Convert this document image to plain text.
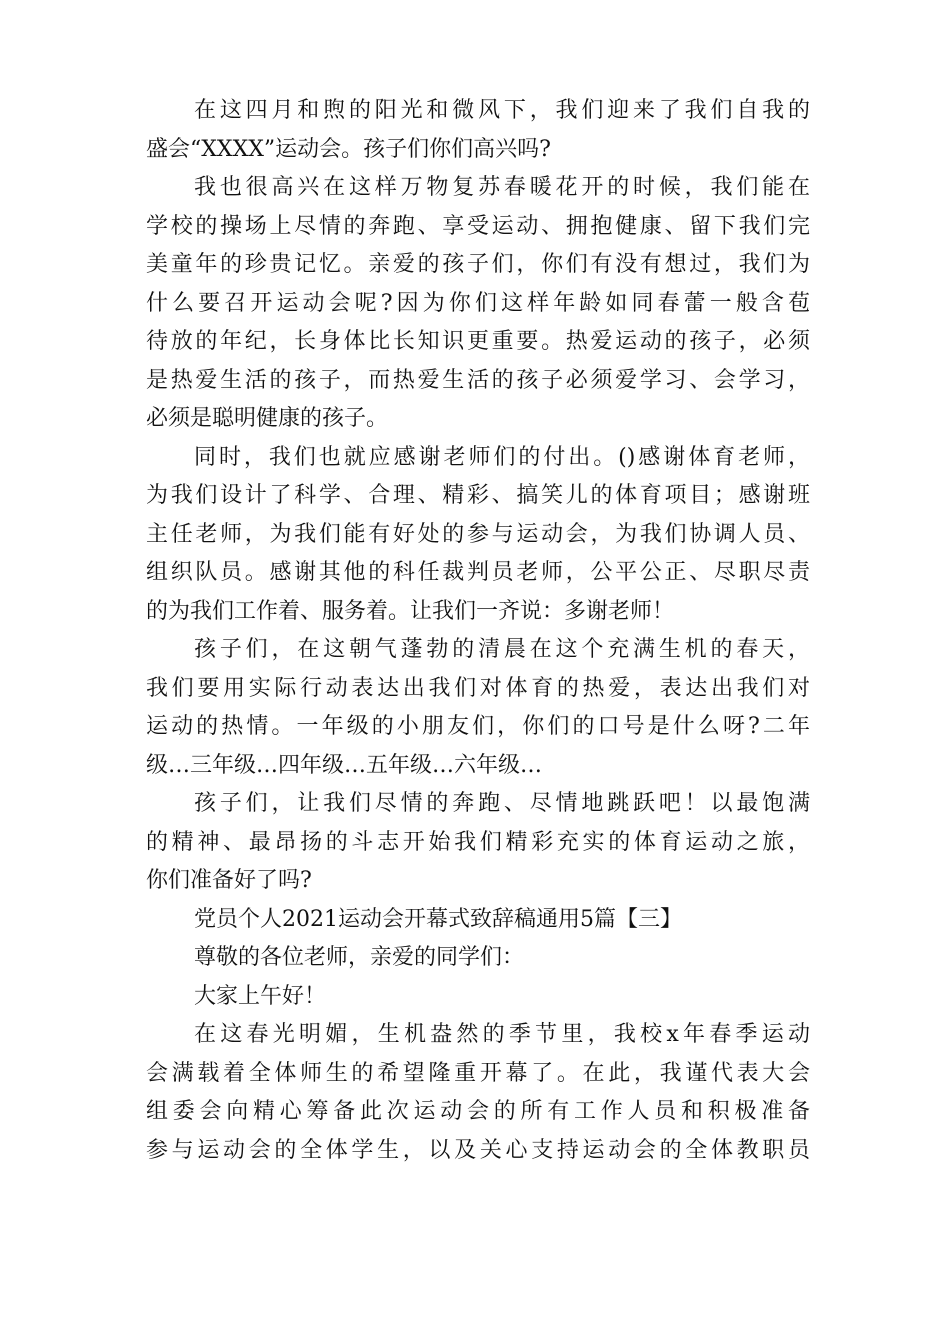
在这四月和煦的阳光和微风下，我们迎来了我们自我的
盛会“XXXX”运动会。孩子们你们高兴吗?
我也很高兴在这样万物复苏春暖花开的时候，我们能在
学校的操场上尽情的奔跑、享受运动、拥抱健康、留下我们完
美童年的珍贵记忆。亲爱的孩子们，你们有没有想过，我们为
什么要召开运动会呢?因为你们这样年龄如同春蕾一般含苞
待放的年纪，长身体比长知识更重要。热爱运动的孩子，必须
是热爱生活的孩子，而热爱生活的孩子必须爱学习、会学习，
必须是聪明健康的孩子。
同时，我们也就应感谢老师们的付出。()感谢体育老师，
为我们设计了科学、合理、精彩、搞笑儿的体育项目；感谢班
主任老师，为我们能有好处的参与运动会，为我们协调人员、
组织队员。感谢其他的科任裁判员老师，公平公正、尽职尽责
的为我们工作着、服务着。让我们一齐说：多谢老师！
孩子们，在这朝气蓬勃的清晨在这个充满生机的春天，
我们要用实际行动表达出我们对体育的热爱，表达出我们对
运动的热情。一年级的小朋友们，你们的口号是什么呀?二年
级…三年级…四年级…五年级…六年级…
孩子们，让我们尽情的奔跑、尽情地跳跃吧！以最饱满
的精神、最昂扬的斗志开始我们精彩充实的体育运动之旅，
你们准备好了吗?
党员个人2021运动会开幕式致辞稿通用5篇【三】
尊敬的各位老师，亲爱的同学们：
大家上午好！
在这春光明媚，生机盎然的季节里，我校x年春季运动
会满载着全体师生的希望隆重开幕了。在此，我谨代表大会
组委会向精心筹备此次运动会的所有工作人员和积极准备
参与运动会的全体学生，以及关心支持运动会的全体教职员
